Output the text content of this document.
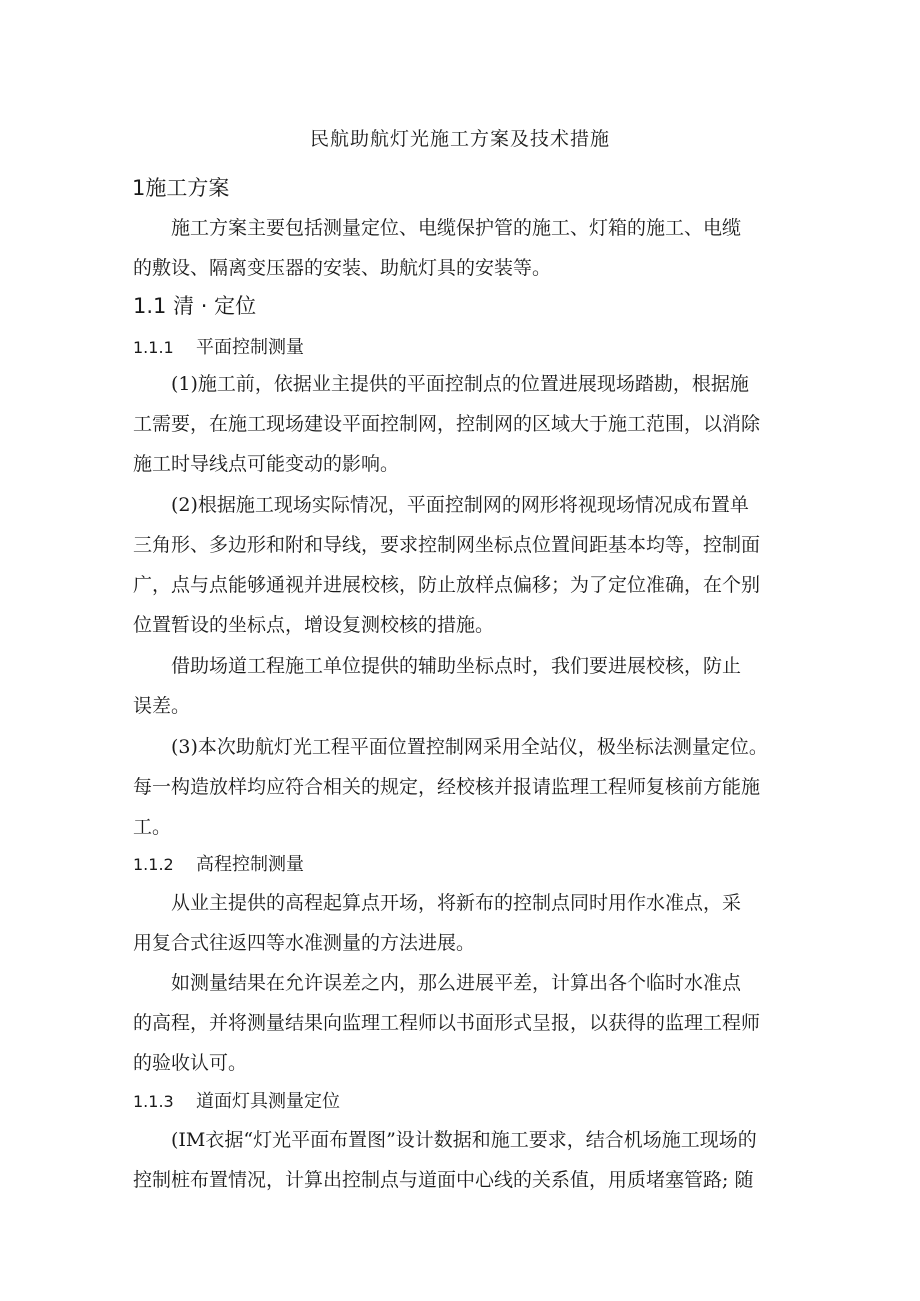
民航助航灯光施工方案及技术措施
1施工方案
　　施工方案主要包括测量定位、电缆保护管的施工、灯箱的施工、电缆
的敷设、隔离变压器的安装、助航灯具的安装等。
1.1 清 · 定位
1.1.1 平面控制测量
　　(1)施工前，依据业主提供的平面控制点的位置进展现场踏勘，根据施
工需要，在施工现场建设平面控制网，控制网的区域大于施工范围，以消除
施工时导线点可能变动的影响。
　　(2)根据施工现场实际情况，平面控制网的网形将视现场情况成布置单
三角形、多边形和附和导线，要求控制网坐标点位置间距基本均等，控制面
广，点与点能够通视并进展校核，防止放样点偏移；为了定位准确，在个别
位置暂设的坐标点，增设复测校核的措施。
　　借助场道工程施工单位提供的辅助坐标点时，我们要进展校核，防止
误差。
　　(3)本次助航灯光工程平面位置控制网采用全站仪，极坐标法测量定位。
每一构造放样均应符合相关的规定，经校核并报请监理工程师复核前方能施
工。
1.1.2 高程控制测量
　　从业主提供的高程起算点开场，将新布的控制点同时用作水准点，采
用复合式往返四等水准测量的方法进展。
　　如测量结果在允许误差之内，那么进展平差，计算出各个临时水准点
的高程，并将测量结果向监理工程师以书面形式呈报，以获得的监理工程师
的验收认可。
1.1.3 道面灯具测量定位
　　(IM衣据“灯光平面布置图”设计数据和施工要求，结合机场施工现场的
控制桩布置情况，计算出控制点与道面中心线的关系值，用质堵塞管路; 随
